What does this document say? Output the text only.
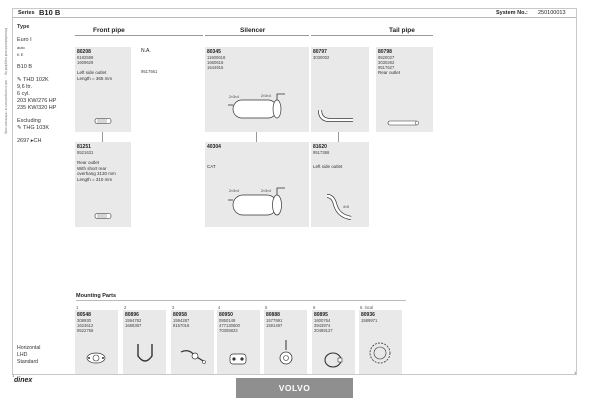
Manufactured and supplied by ... not a comparison or reference only
Series B10 B	System No.: 250100013
Type
Euro I
auto
K E
B10 B
✎ THD 102K
9,6 ltr.
6 cyl.
203 KW/276 HP
235 KW/320 HP
Excluding
✎ THG 103K
2697 ▸CH
Front pipe	Silencer	Tail pipe
80208
8192598
1609629
Left side outlet
Length = 365 mm
N.A.
9517561
80345
11600618
1660618
1544915
2×3×4	2×3×4
80797
3030002
80798
9520027
3030262
9517627
Rear outlet
81251
9521631
Rear outlet
With short rear
overhang 3130 mm
Length = 310 mm
40304
CAT
2×3×4	2×3×4
81620
9517368
Left side outlet
4×5
Mounting Parts
1
80548
308930
1624612
9522768
2
80896
1594782
1688387
3
80958
1594287
8157016
4
80950
0850149
477130600
70305823
5
80888
1577991
1591497
6
80895
1600764
3943974
20489127
6. local
80936
1589971
Horizontal
LHD
Standard
1
dinex
VOLVO
1
